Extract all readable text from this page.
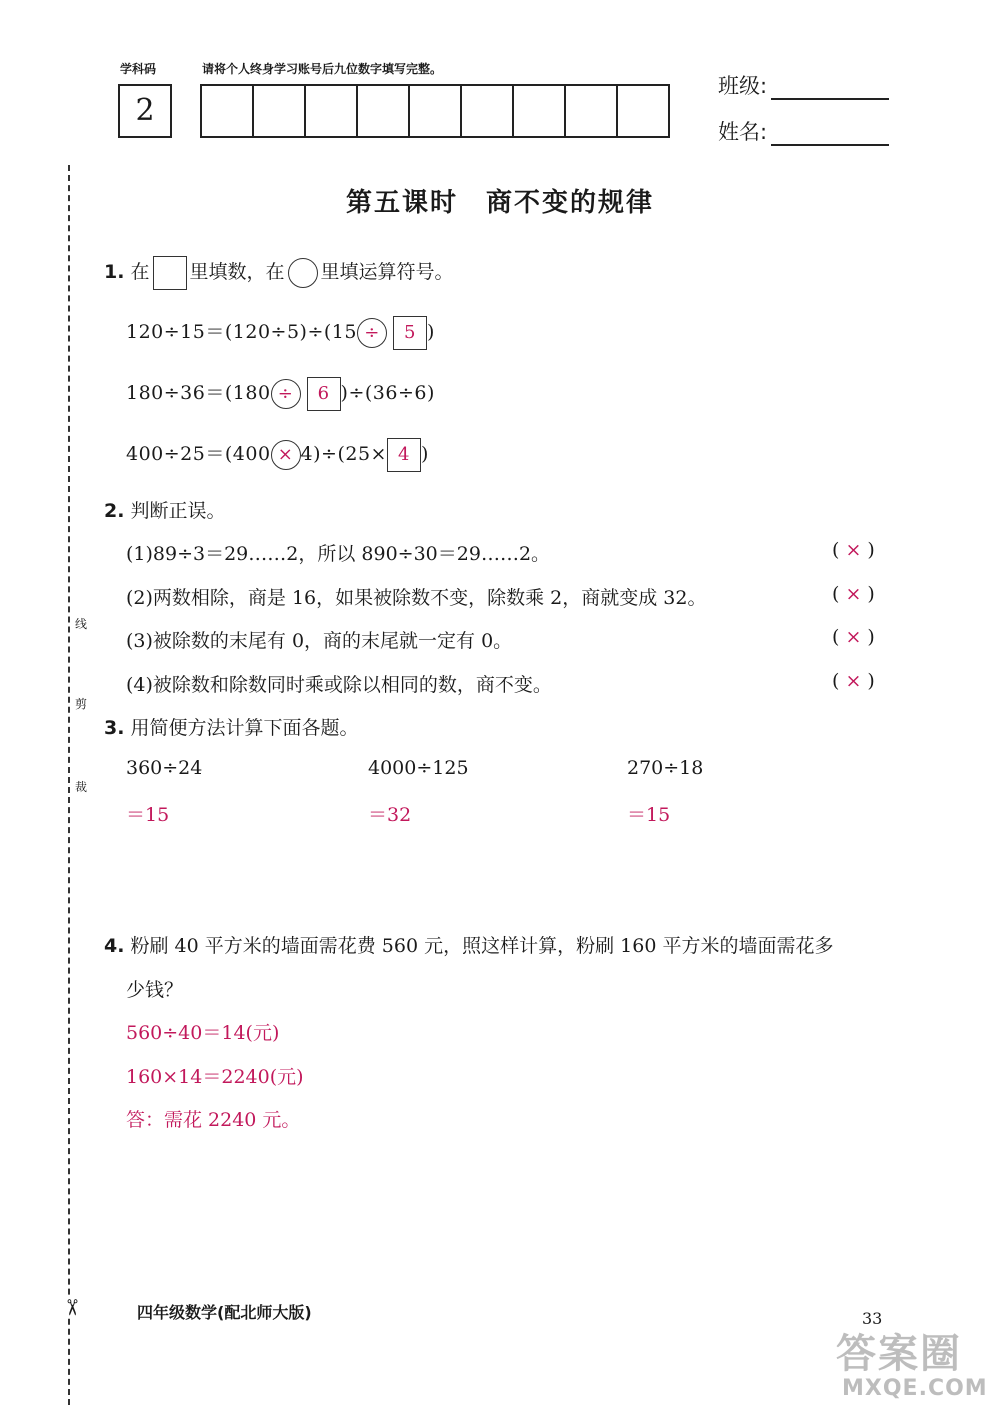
学科码	请将个人终身学习账号后九位数字填写完整。
2
班级:
姓名:
线
剪
裁
✂
第五课时　商不变的规律
1. 在 里填数，在 里填运算符号。
120÷15＝(120÷5)÷(15 ÷ 5 )
180÷36＝(180 ÷ 6 )÷(36÷6)
400÷25＝(400 × 4)÷(25× 4 )
2. 判断正误。
(1)89÷3＝29……2，所以 890÷30＝29……2。	( × )
(2)两数相除，商是 16，如果被除数不变，除数乘 2，商就变成 32。	( × )
(3)被除数的末尾有 0，商的末尾就一定有 0。	( × )
(4)被除数和除数同时乘或除以相同的数，商不变。	( × )
3. 用简便方法计算下面各题。
360÷24
＝15
4000÷125
＝32
270÷18
＝15
4. 粉刷 40 平方米的墙面需花费 560 元，照这样计算，粉刷 160 平方米的墙面需花多
少钱？
560÷40＝14(元)
160×14＝2240(元)
答：需花 2240 元。
四年级数学(配北师大版)	33
答案圈
MXQE.COM
